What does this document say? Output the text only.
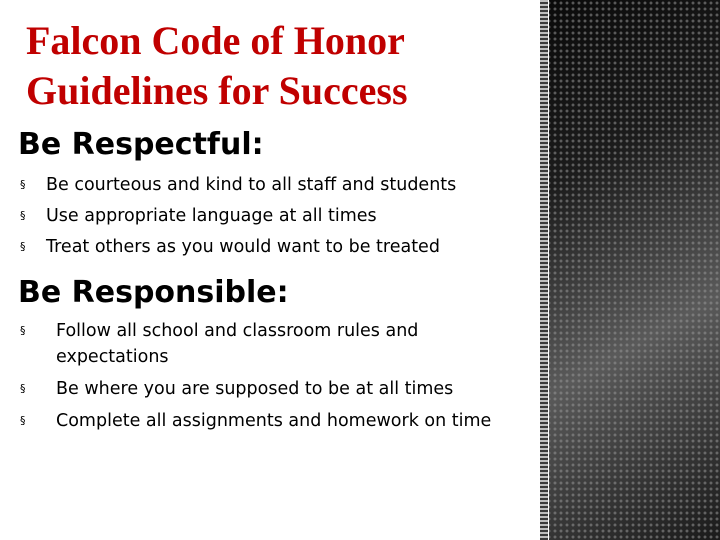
Falcon Code of Honor
Guidelines for Success
Be Respectful:
§ Be courteous and kind to all staff and students
§ Use appropriate language at all times
§ Treat others as you would want to be treated
Be Responsible:
§ Follow all school and classroom rules and expectations
§ Be where you are supposed to be at all times
§ Complete all assignments and homework on time
